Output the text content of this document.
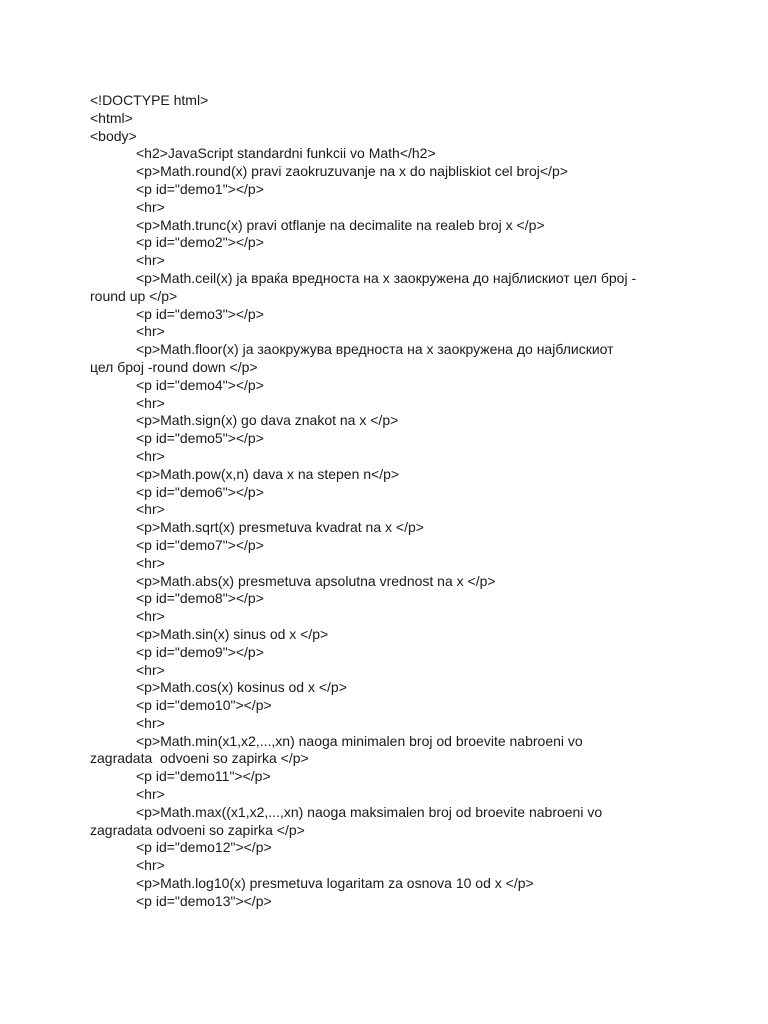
<!DOCTYPE html>
<html>
<body>
<h2>JavaScript standardni funkcii vo Math</h2>
<p>Math.round(x) pravi zaokruzuvanje na x do najbliskiot cel broj</p>
<p id="demo1"></p>
<hr>
<p>Math.trunc(x) pravi otflanje na decimalite na realeb broj x </p>
<p id="demo2"></p>
<hr>
<p>Math.ceil(x) ја враќа вредноста на x заокружена до најблискиот цел број -
round up </p>
<p id="demo3"></p>
<hr>
<p>Math.floor(x) ја заокружува вредноста на x заокружена до најблискиот
цел број -round down </p>
<p id="demo4"></p>
<hr>
<p>Math.sign(x) go dava znakot na x </p>
<p id="demo5"></p>
<hr>
<p>Math.pow(x,n) dava x na stepen n</p>
<p id="demo6"></p>
<hr>
<p>Math.sqrt(x) presmetuva kvadrat na x </p>
<p id="demo7"></p>
<hr>
<p>Math.abs(x) presmetuva apsolutna vrednost na x </p>
<p id="demo8"></p>
<hr>
<p>Math.sin(x) sinus od x </p>
<p id="demo9"></p>
<hr>
<p>Math.cos(x) kosinus od x </p>
<p id="demo10"></p>
<hr>
<p>Math.min(x1,x2,...,xn) naoga minimalen broj od broevite nabroeni vo
zagradata  odvoeni so zapirka </p>
<p id="demo11"></p>
<hr>
<p>Math.max((x1,x2,...,xn) naoga maksimalen broj od broevite nabroeni vo
zagradata odvoeni so zapirka </p>
<p id="demo12"></p>
<hr>
<p>Math.log10(x) presmetuva logaritam za osnova 10 od x </p>
<p id="demo13"></p>
